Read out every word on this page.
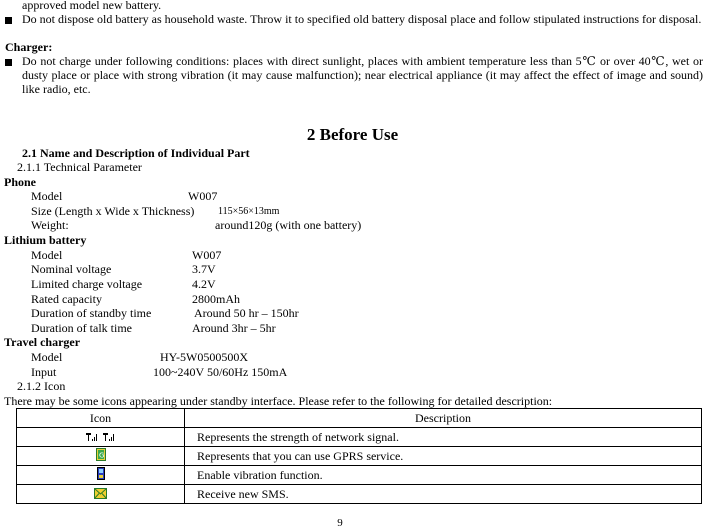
approved model new battery.
Do not dispose old battery as household waste. Throw it to specified old battery disposal place and follow stipulated instructions for disposal.
Charger:
Do not charge under following conditions: places with direct sunlight, places with ambient temperature less than 5℃ or over 40℃, wet or dusty place or place with strong vibration (it may cause malfunction); near electrical appliance (it may affect the effect of image and sound) like radio, etc.
2 Before Use
2.1 Name and Description of Individual Part
2.1.1 Technical Parameter
Phone
Model	W007
Size (Length x Wide x Thickness) 115×56×13mm
Weight:	around120g (with one battery)
Lithium battery
Model	W007
Nominal voltage	3.7V
Limited charge voltage	4.2V
Rated capacity	2800mAh
Duration of standby time	Around 50 hr – 150hr
Duration of talk time	Around 3hr – 5hr
Travel charger
Model	HY-5W0500500X
Input	100~240V 50/60Hz 150mA
2.1.2 Icon
There may be some icons appearing under standby interface. Please refer to the following for detailed description:
Icon	Description
	Represents the strength of network signal.

G	Represents that you can use GPRS service.
	Enable vibration function.
	Receive new SMS.
9
